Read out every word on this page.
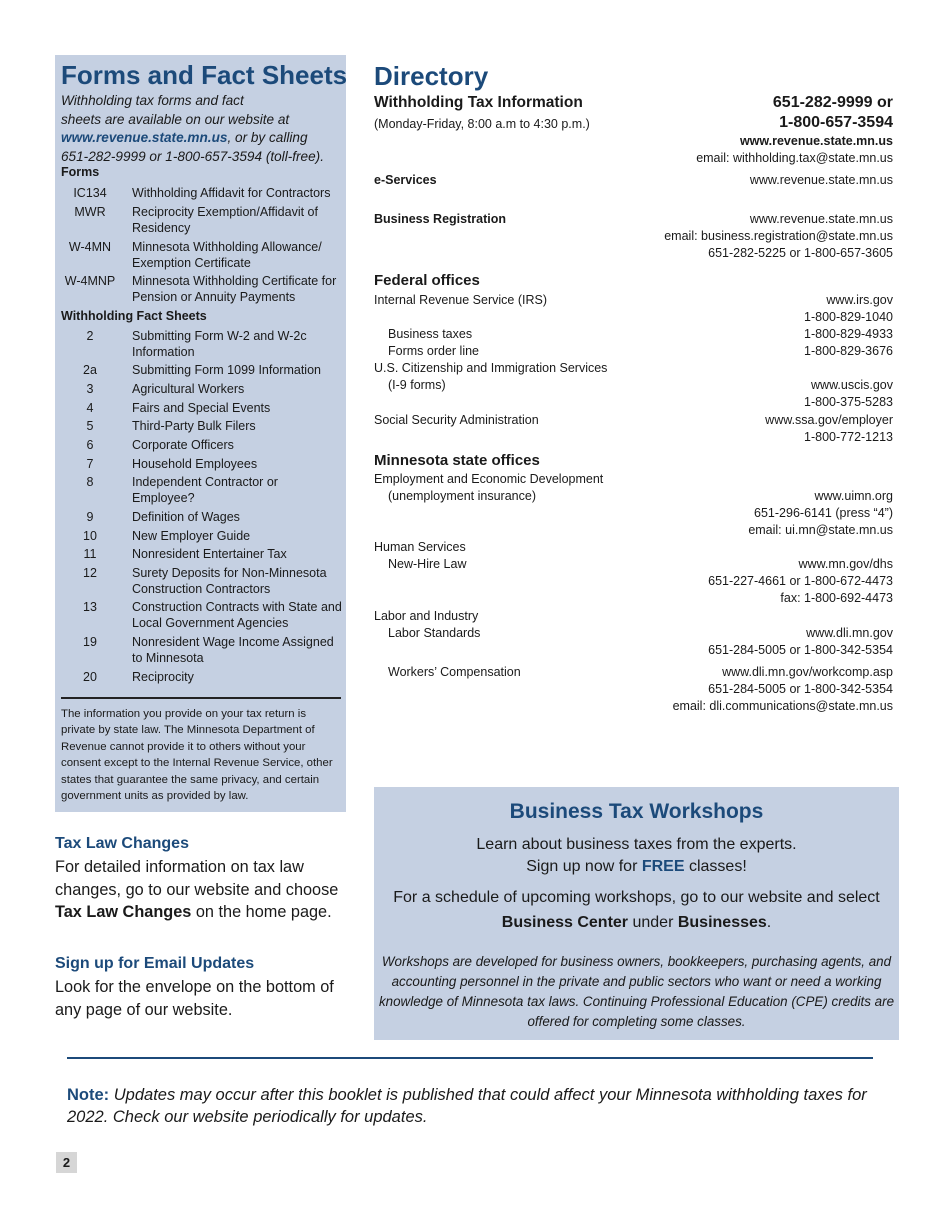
Forms and Fact Sheets
Withholding tax forms and fact
sheets are available on our website at
www.revenue.state.mn.us, or by calling
651-282-9999 or 1-800-657-3594 (toll-free).
Forms
IC134	Withholding Affidavit for Contractors
MWR	Reciprocity Exemption/Affidavit of Residency
W-4MN	Minnesota Withholding Allowance/ Exemption Certificate
W-4MNP	Minnesota Withholding Certificate for Pension or Annuity Payments
Withholding Fact Sheets
2	Submitting Form W-2 and W-2c Information
2a	Submitting Form 1099 Information
3	Agricultural Workers
4	Fairs and Special Events
5	Third-Party Bulk Filers
6	Corporate Officers
7	Household Employees
8	Independent Contractor or Employee?
9	Definition of Wages
10	New Employer Guide
11	Nonresident Entertainer Tax
12	Surety Deposits for Non-Minnesota Construction Contractors
13	Construction Contracts with State and Local Government Agencies
19	Nonresident Wage Income Assigned to Minnesota
20	Reciprocity
The information you provide on your tax return is private by state law. The Minnesota Department of Revenue cannot provide it to others without your consent except to the Internal Revenue Service, other states that guarantee the same privacy, and certain government units as provided by law.
Tax Law Changes
For detailed information on tax law changes, go to our website and choose Tax Law Changes on the home page.
Sign up for Email Updates
Look for the envelope on the bottom of any page of our website.
Directory
Withholding Tax Information
(Monday-Friday, 8:00 a.m to 4:30 p.m.)
651-282-9999 or
1-800-657-3594
www.revenue.state.mn.us
email: withholding.tax@state.mn.us
e-Services	www.revenue.state.mn.us
Business Registration	www.revenue.state.mn.us
email: business.registration@state.mn.us
651-282-5225 or 1-800-657-3605
Federal offices
Internal Revenue Service (IRS)	www.irs.gov
1-800-829-1040
Business taxes	1-800-829-4933
Forms order line	1-800-829-3676
U.S. Citizenship and Immigration Services
(I-9 forms)	www.uscis.gov
1-800-375-5283
Social Security Administration	www.ssa.gov/employer
1-800-772-1213
Minnesota state offices
Employment and Economic Development
(unemployment insurance)	www.uimn.org
651-296-6141 (press “4”)
email: ui.mn@state.mn.us
Human Services
New-Hire Law	www.mn.gov/dhs
651-227-4661 or 1-800-672-4473
fax: 1-800-692-4473
Labor and Industry
Labor Standards	www.dli.mn.gov
651-284-5005 or 1-800-342-5354
Workers’ Compensation	www.dli.mn.gov/workcomp.asp
651-284-5005 or 1-800-342-5354
email: dli.communications@state.mn.us
Business Tax Workshops
Learn about business taxes from the experts.
Sign up now for FREE classes!
For a schedule of upcoming workshops, go to our website and select
Business Center under Businesses.
Workshops are developed for business owners, bookkeepers, purchasing agents, and accounting personnel in the private and public sectors who want or need a working knowledge of Minnesota tax laws. Continuing Professional Education (CPE) credits are offered for completing some classes.
Note: Updates may occur after this booklet is published that could affect your Minnesota withholding taxes for 2022. Check our website periodically for updates.
2
